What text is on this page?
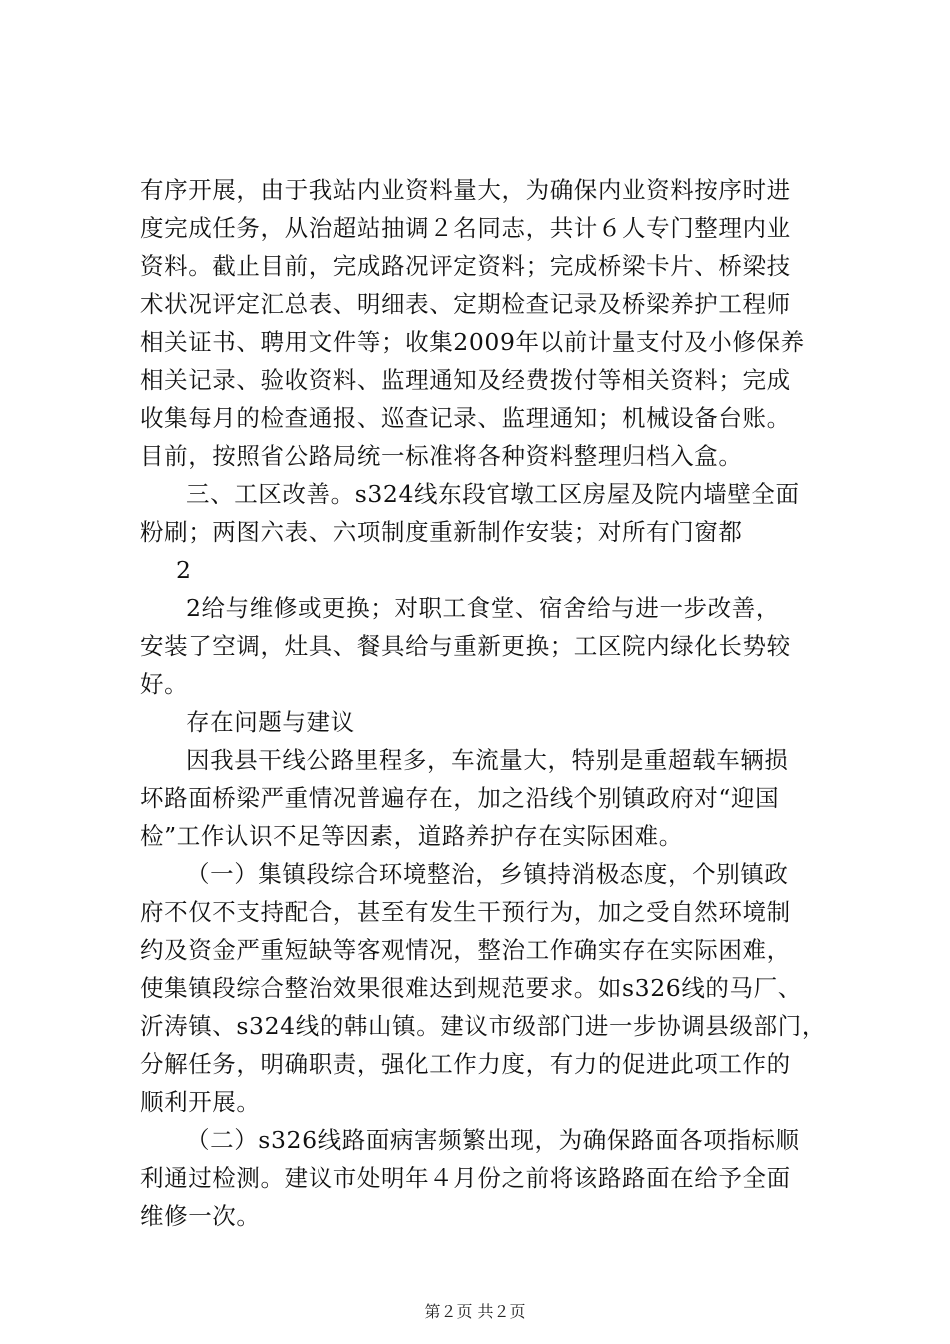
有序开展，由于我站内业资料量大，为确保内业资料按序时进
度完成任务，从治超站抽调２名同志，共计６人专门整理内业
资料。截止目前，完成路况评定资料；完成桥梁卡片、桥梁技
术状况评定汇总表、明细表、定期检查记录及桥梁养护工程师
相关证书、聘用文件等；收集2009年以前计量支付及小修保养
相关记录、验收资料、监理通知及经费拨付等相关资料；完成
收集每月的检查通报、巡查记录、监理通知；机械设备台账。
目前，按照省公路局统一标准将各种资料整理归档入盒。
三、工区改善。s324线东段官墩工区房屋及院内墙壁全面
粉刷；两图六表、六项制度重新制作安装；对所有门窗都
2
2给与维修或更换；对职工食堂、宿舍给与进一步改善，
安装了空调，灶具、餐具给与重新更换；工区院内绿化长势较
好。
存在问题与建议
因我县干线公路里程多，车流量大，特别是重超载车辆损
坏路面桥梁严重情况普遍存在，加之沿线个别镇政府对“迎国
检”工作认识不足等因素，道路养护存在实际困难。
（一）集镇段综合环境整治，乡镇持消极态度，个别镇政
府不仅不支持配合，甚至有发生干预行为，加之受自然环境制
约及资金严重短缺等客观情况，整治工作确实存在实际困难，
使集镇段综合整治效果很难达到规范要求。如s326线的马厂、
沂涛镇、s324线的韩山镇。建议市级部门进一步协调县级部门，
分解任务，明确职责，强化工作力度，有力的促进此项工作的
顺利开展。
（二）s326线路面病害频繁出现，为确保路面各项指标顺
利通过检测。建议市处明年４月份之前将该路路面在给予全面
维修一次。
第２页 共２页
